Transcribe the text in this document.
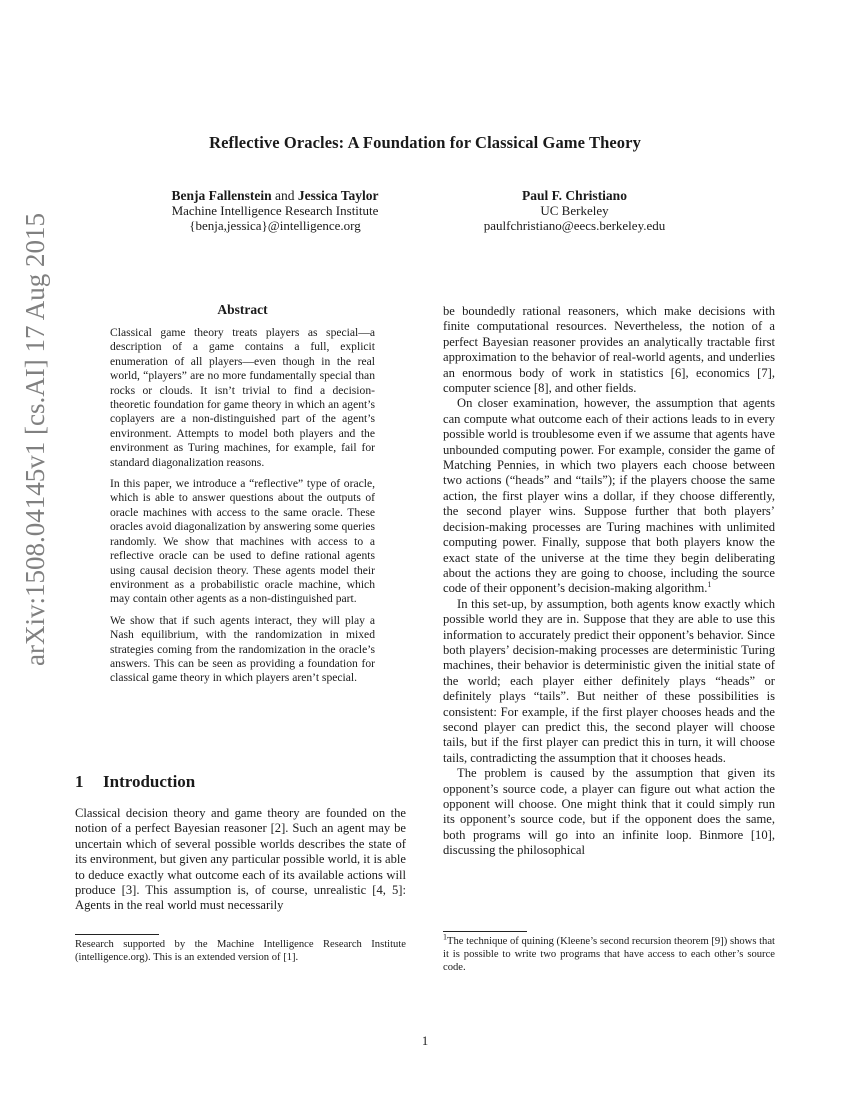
arXiv:1508.04145v1 [cs.AI] 17 Aug 2015
Reflective Oracles: A Foundation for Classical Game Theory
Benja Fallenstein and Jessica Taylor
Machine Intelligence Research Institute
{benja,jessica}@intelligence.org
Paul F. Christiano
UC Berkeley
paulfchristiano@eecs.berkeley.edu
Abstract

Classical game theory treats players as special—a description of a game contains a full, explicit enumeration of all players—even though in the real world, “players” are no more fundamentally special than rocks or clouds. It isn’t trivial to find a decision-theoretic foundation for game theory in which an agent’s coplayers are a non-distinguished part of the agent’s environment. Attempts to model both players and the environment as Turing machines, for example, fail for standard diagonalization reasons.

In this paper, we introduce a “reflective” type of oracle, which is able to answer questions about the outputs of oracle machines with access to the same oracle. These oracles avoid diagonalization by answering some queries randomly. We show that machines with access to a reflective oracle can be used to define rational agents using causal decision theory. These agents model their environment as a probabilistic oracle machine, which may contain other agents as a non-distinguished part.

We show that if such agents interact, they will play a Nash equilibrium, with the randomization in mixed strategies coming from the randomization in the oracle’s answers. This can be seen as providing a foundation for classical game theory in which players aren’t special.

1 Introduction

Classical decision theory and game theory are founded on the notion of a perfect Bayesian reasoner [2]. Such an agent may be uncertain which of several possible worlds describes the state of its environment, but given any particular possible world, it is able to deduce exactly what outcome each of its available actions will produce [3]. This assumption is, of course, unrealistic [4, 5]: Agents in the real world must necessarily

Research supported by the Machine Intelligence Research Institute (intelligence.org). This is an extended version of [1].

be boundedly rational reasoners, which make decisions with finite computational resources. Nevertheless, the notion of a perfect Bayesian reasoner provides an analytically tractable first approximation to the behavior of real-world agents, and underlies an enormous body of work in statistics [6], economics [7], computer science [8], and other fields.

On closer examination, however, the assumption that agents can compute what outcome each of their actions leads to in every possible world is troublesome even if we assume that agents have unbounded computing power. For example, consider the game of Matching Pennies, in which two players each choose between two actions (“heads” and “tails”); if the players choose the same action, the first player wins a dollar, if they choose differently, the second player wins. Suppose further that both players’ decision-making processes are Turing machines with unlimited computing power. Finally, suppose that both players know the exact state of the universe at the time they begin deliberating about the actions they are going to choose, including the source code of their opponent’s decision-making algorithm.$^1$

In this set-up, by assumption, both agents know exactly which possible world they are in. Suppose that they are able to use this information to accurately predict their opponent’s behavior. Since both players’ decision-making processes are deterministic Turing machines, their behavior is deterministic given the initial state of the world; each player either definitely plays “heads” or definitely plays “tails”. But neither of these possibilities is consistent: For example, if the first player chooses heads and the second player can predict this, the second player will choose tails, but if the first player can predict this in turn, it will choose tails, contradicting the assumption that it chooses heads.

The problem is caused by the assumption that given its opponent’s source code, a player can figure out what action the opponent will choose. One might think that it could simply run its opponent’s source code, but if the opponent does the same, both programs will go into an infinite loop. Binmore [10], discussing the philosophical

$^1$The technique of quining (Kleene’s second recursion theorem [9]) shows that it is possible to write two programs that have access to each other’s source code.
1
